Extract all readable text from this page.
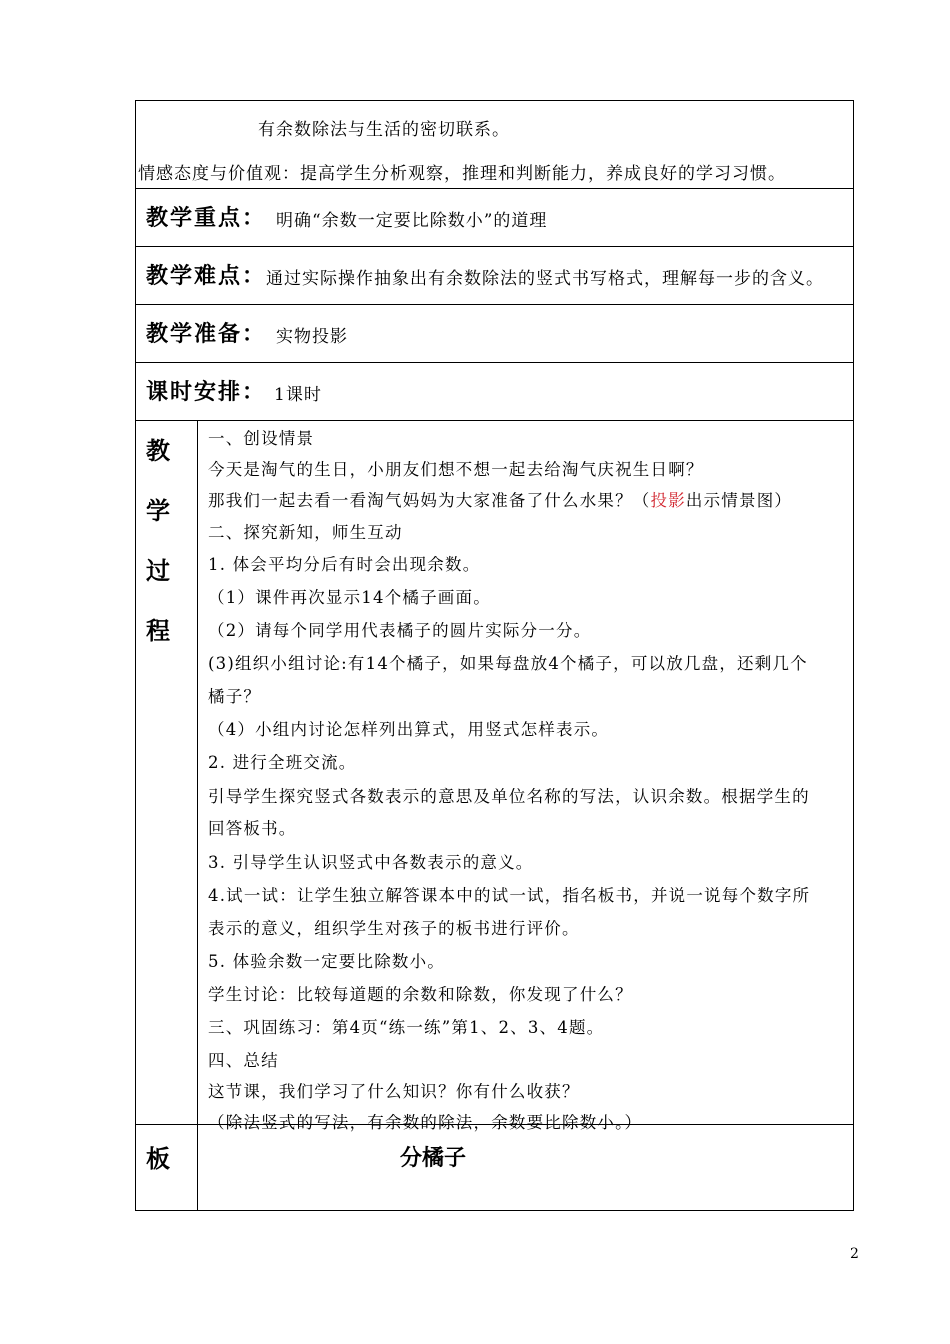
有余数除法与生活的密切联系。
情感态度与价值观：提高学生分析观察，推理和判断能力，养成良好的学习习惯。
教学重点： 明确“余数一定要比除数小”的道理
教学难点： 通过实际操作抽象出有余数除法的竖式书写格式，理解每一步的含义。
教学准备： 实物投影
课时安排： 1课时
教
学
过
程
一、创设情景
今天是淘气的生日，小朋友们想不想一起去给淘气庆祝生日啊？
那我们一起去看一看淘气妈妈为大家准备了什么水果？（投影出示情景图）
二、探究新知，师生互动
1. 体会平均分后有时会出现余数。
（1）课件再次显示14个橘子画面。
（2）请每个同学用代表橘子的圆片实际分一分。
(3)组织小组讨论:有14个橘子，如果每盘放4个橘子，可以放几盘，还剩几个
橘子？
（4）小组内讨论怎样列出算式，用竖式怎样表示。
2. 进行全班交流。
引导学生探究竖式各数表示的意思及单位名称的写法，认识余数。根据学生的
回答板书。
3. 引导学生认识竖式中各数表示的意义。
4.试一试：让学生独立解答课本中的试一试，指名板书，并说一说每个数字所
表示的意义，组织学生对孩子的板书进行评价。
5. 体验余数一定要比除数小。
学生讨论：比较每道题的余数和除数，你发现了什么？
三、巩固练习：第4页“练一练”第1、2、3、4题。
四、总结
这节课，我们学习了什么知识？你有什么收获？
（除法竖式的写法，有余数的除法，余数要比除数小。）
板	分橘子
2
